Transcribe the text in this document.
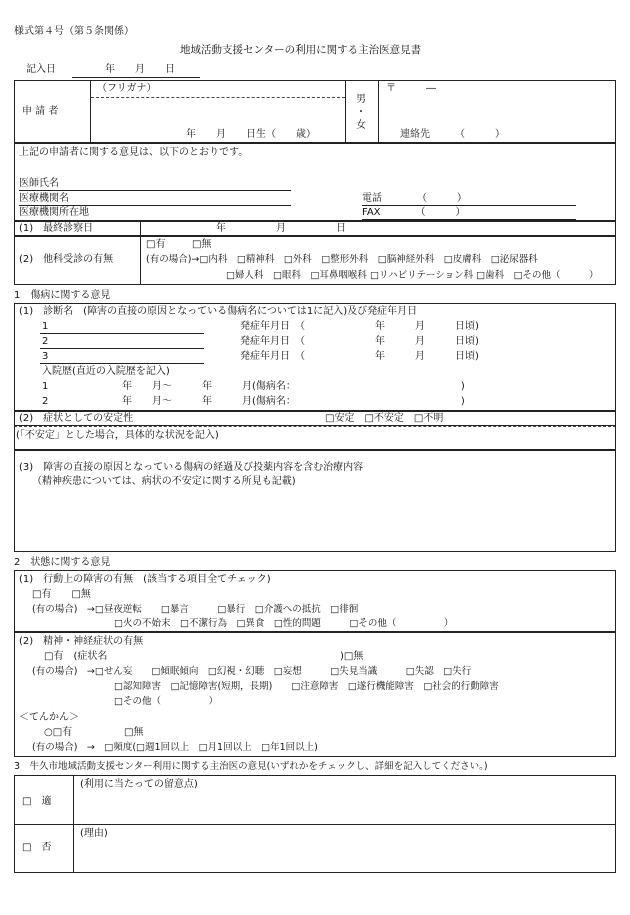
様式第４号（第５条関係）
地域活動支援センターの利用に関する主治医意見書
記入日	年　　月　　日
申 請 者
（フリガナ）
年　　月　　日生（　　歳）
男
・
女
〒　　　―
連絡先　　　（　　　）
上記の申請者に関する意見は、以下のとおりです。
医師氏名
医療機関名
医療機関所在地
電話　　　　（　　　）
FAX　　　　（　　　）
(1)　最終診察日	年　　　　　月　　　　　日
(2)　他科受診の有無
□有	□無
(有の場合)→□内科　□精神科　□外科　□整形外科　□脳神経外科　□皮膚科　□泌尿器科
□婦人科　□眼科　□耳鼻咽喉科 □リハビリテーション科 □歯科　□その他（　　　）
1　傷病に関する意見
(1)　診断名　(障害の直接の原因となっている傷病名については1に記入)及び発症年月日
1	発症年月日　（　　　　　　　年　　　月　　　日頃)
2	発症年月日　（　　　　　　　年　　　月　　　日頃)
3	発症年月日　（　　　　　　　年　　　月　　　日頃)
入院歴(直近の入院歴を記入)
1	年　　月～　　　年　　　月(傷病名：　　　　　　　　　　　　　　　　　)
2	年　　月～　　　年　　　月(傷病名：　　　　　　　　　　　　　　　　　)
(2)　症状としての安定性	□安定　□不安定　□不明
(「不安定」とした場合，具体的な状況を記入)
(3)　障害の直接の原因となっている傷病の経過及び投薬内容を含む治療内容
（精神疾患については、病状の不安定に関する所見も記載)
2　状態に関する意見
(1)　行動上の障害の有無　(該当する項目全てチェック)
□有　　□無
(有の場合)　→□昼夜逆転　　□暴言　　　□暴行　□介護への抵抗　□徘徊
□火の不始末　□不潔行為　□異食　□性的問題　　　□その他（　　　　　）
(2)　精神・神経症状の有無
□有　(症状名	)□無
(有の場合)　→□せん妄　　□傾眠傾向　□幻視・幻聴　□妄想　　　□失見当識　　　□失認　□失行
□認知障害　□記憶障害(短期，長期)　　□注意障害　□遂行機能障害　□社会的行動障害
□その他（　　　　　）
＜てんかん＞
○□有	□無
(有の場合)　→　□頻度(□週1回以上　□月1回以上　□年1回以上)
3　牛久市地域活動支援センター利用に関する主治医の意見(いずれかをチェックし、詳細を記入してください。)
□　適
(利用に当たっての留意点)
□　否
(理由)
